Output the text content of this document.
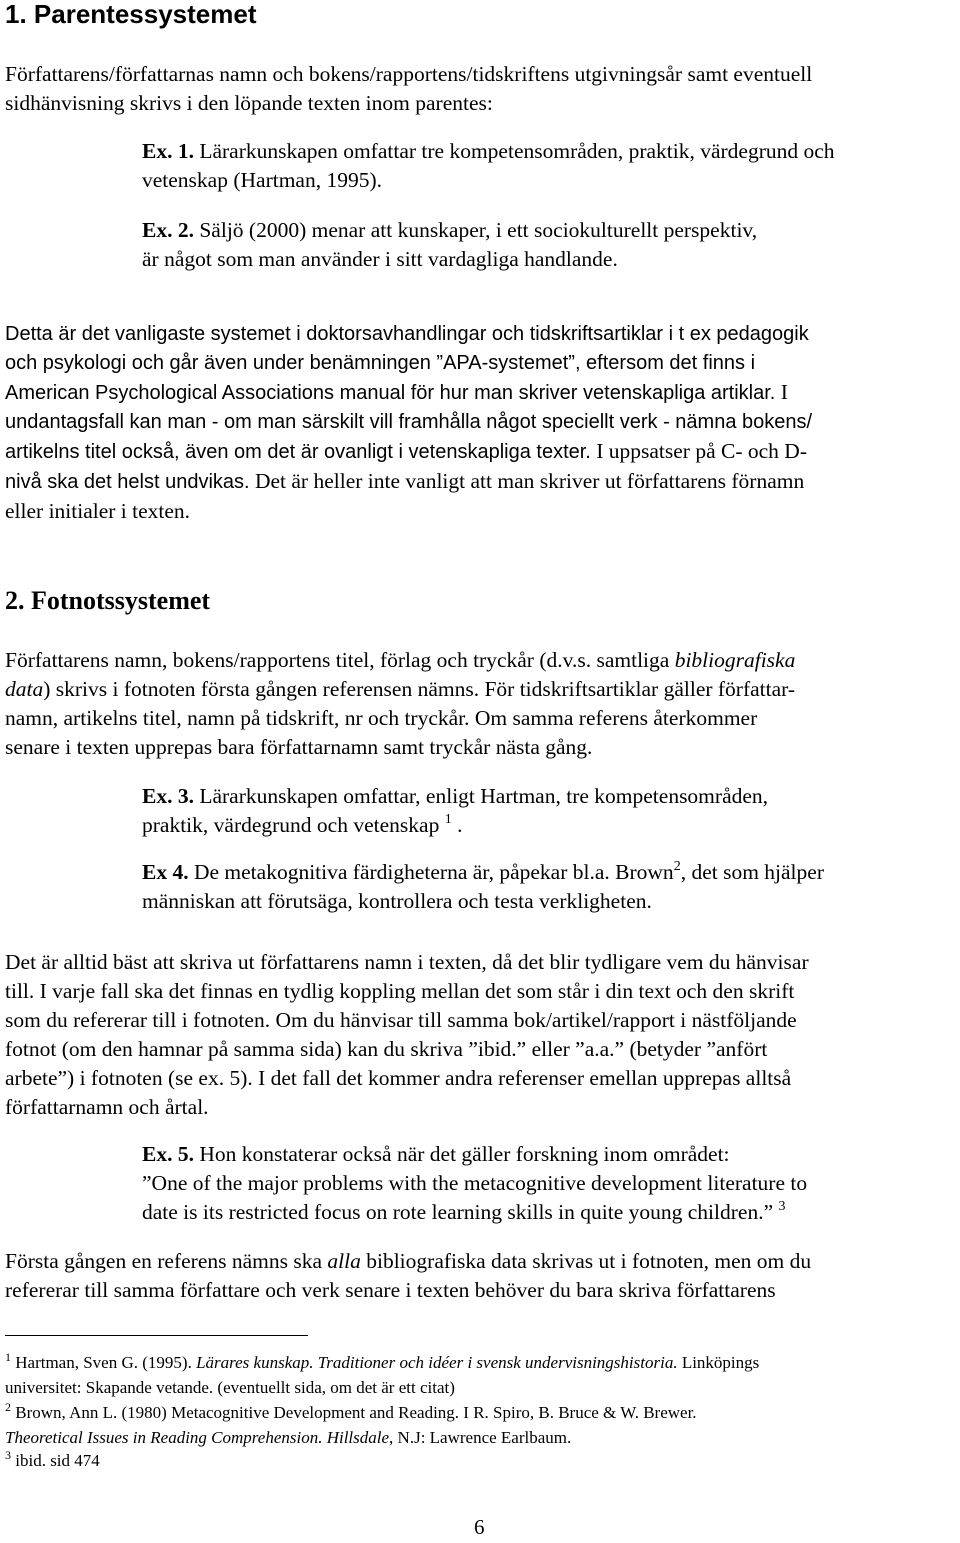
1. Parentessystemet

Författarens/författarnas namn och bokens/rapportens/tidskriftens utgivningsår samt eventuell
sidhänvisning skrivs i den löpande texten inom parentes:

Ex. 1. Lärarkunskapen omfattar tre kompetensområden, praktik, värdegrund och
vetenskap (Hartman, 1995).

Ex. 2. Säljö (2000) menar att kunskaper, i ett sociokulturellt perspektiv,
är något som man använder i sitt vardagliga handlande.

Detta är det vanligaste systemet i doktorsavhandlingar och tidskriftsartiklar i t ex pedagogik
och psykologi och går även under benämningen ”APA-systemet”, eftersom det finns i
American Psychological Associations manual för hur man skriver vetenskapliga artiklar. I
undantagsfall kan man - om man särskilt vill framhålla något speciellt verk - nämna bokens/
artikelns titel också, även om det är ovanligt i vetenskapliga texter. I uppsatser på C- och D-
nivå ska det helst undvikas. Det är heller inte vanligt att man skriver ut författarens förnamn
eller initialer i texten.
2. Fotnotssystemet

Författarens namn, bokens/rapportens titel, förlag och tryckår (d.v.s. samtliga bibliografiska
data) skrivs i fotnoten första gången referensen nämns. För tidskriftsartiklar gäller författar-
namn, artikelns titel, namn på tidskrift, nr och tryckår. Om samma referens återkommer
senare i texten upprepas bara författarnamn samt tryckår nästa gång.

Ex. 3. Lärarkunskapen omfattar, enligt Hartman, tre kompetensområden,
praktik, värdegrund och vetenskap $^1$ .

Ex 4. De metakognitiva färdigheterna är, påpekar bl.a. Brown$^2$, det som hjälper
människan att förutsäga, kontrollera och testa verkligheten.

Det är alltid bäst att skriva ut författarens namn i texten, då det blir tydligare vem du hänvisar
till. I varje fall ska det finnas en tydlig koppling mellan det som står i din text och den skrift
som du refererar till i fotnoten. Om du hänvisar till samma bok/artikel/rapport i nästföljande
fotnot (om den hamnar på samma sida) kan du skriva ”ibid.” eller ”a.a.” (betyder ”anfört
arbete”) i fotnoten (se ex. 5). I det fall det kommer andra referenser emellan upprepas alltså
författarnamn och årtal.

Ex. 5. Hon konstaterar också när det gäller forskning inom området:
”One of the major problems with the metacognitive development literature to
date is its restricted focus on rote learning skills in quite young children.” $^3$

Första gången en referens nämns ska alla bibliografiska data skrivas ut i fotnoten, men om du
refererar till samma författare och verk senare i texten behöver du bara skriva författarens

$^1$ Hartman, Sven G. (1995). Lärares kunskap. Traditioner och idéer i svensk undervisningshistoria. Linköpings
universitet: Skapande vetande. (eventuellt sida, om det är ett citat)
$^2$ Brown, Ann L. (1980) Metacognitive Development and Reading. I R. Spiro, B. Bruce & W. Brewer.
Theoretical Issues in Reading Comprehension. Hillsdale, N.J: Lawrence Earlbaum.
$^3$ ibid. sid 474
6
